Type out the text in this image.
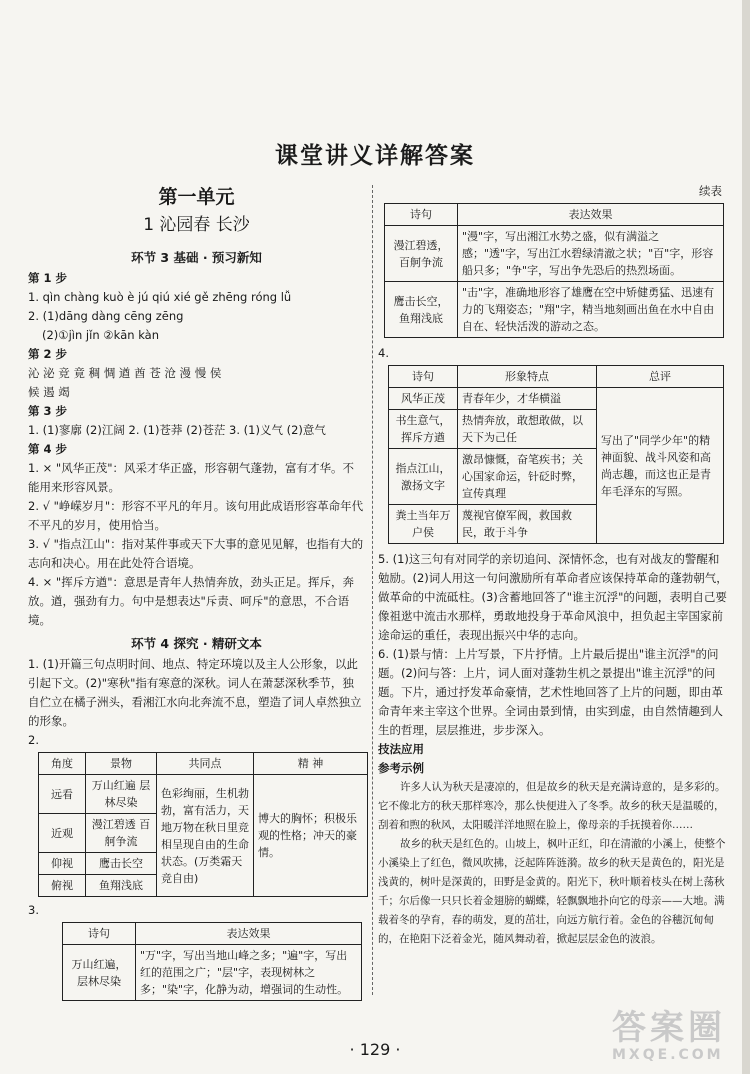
课堂讲义详解答案

第一单元

1 沁园春 长沙

环节 3 基础 · 预习新知

第 1 步

1. qìn chàng kuò è jú qiú xié gě zhēng róng lǚ

2. (1)dāng dàng cēng zēng

(2)①jìn jǐn ②kān kàn

第 2 步

沁 泌 竞 竟 稠 惆 遒 酋 苍 沧 漫 慢 侯

候 遏 竭

第 3 步

1. (1)寥廓 (2)江阔 2. (1)苍莽 (2)苍茫 3. (1)义气 (2)意气

第 4 步

1. × "风华正茂"：风采才华正盛，形容朝气蓬勃，富有才华。不能用来形容风景。

2. √ "峥嵘岁月"：形容不平凡的年月。该句用此成语形容革命年代不平凡的岁月，使用恰当。

3. √ "指点江山"：指对某件事或天下大事的意见见解，也指有大的志向和决心。用在此处符合语境。

4. × "挥斥方遒"：意思是青年人热情奔放，劲头正足。挥斥，奔放。遒，强劲有力。句中是想表达"斥责、呵斥"的意思，不合语境。

环节 4 探究 · 精研文本

1. (1)开篇三句点明时间、地点、特定环境以及主人公形象，以此引起下文。(2)"寒秋"指有寒意的深秋。词人在萧瑟深秋季节，独自伫立在橘子洲头，看湘江水向北奔流不息，塑造了词人卓然独立的形象。

2.

角度	景物	共同点	精 神
远看	万山红遍 层林尽染	色彩绚丽，生机勃勃，富有活力，天地万物在秋日里竞相呈现自由的生命状态。(万类霜天竞自由)	博大的胸怀；积极乐观的性格；冲天的豪情。
近观	漫江碧透 百舸争流		
仰视	鹰击长空		
俯视	鱼翔浅底		

3.

诗句	表达效果
万山红遍，层林尽染	"万"字，写出当地山峰之多；"遍"字，写出红的范围之广；"层"字，表现树林之多；"染"字，化静为动，增强词的生动性。

续表

诗句	表达效果
漫江碧透，百舸争流	"漫"字，写出湘江水势之盛，似有满溢之感；"透"字，写出江水碧绿清澈之状；"百"字，形容船只多；"争"字，写出争先恐后的热烈场面。
鹰击长空，鱼翔浅底	"击"字，准确地形容了雄鹰在空中矫健勇猛、迅速有力的飞翔姿态；"翔"字，精当地刻画出鱼在水中自由自在、轻快活泼的游动之态。

4.

诗句	形象特点	总评
风华正茂	青春年少，才华横溢	写出了"同学少年"的精神面貌、战斗风姿和高尚志趣，而这也正是青年毛泽东的写照。
书生意气，挥斥方遒	热情奔放，敢想敢做，以天下为己任	
指点江山，激扬文字	激昂慷慨，奋笔疾书；关心国家命运，针砭时弊，宣传真理	
粪土当年万户侯	蔑视官僚军阀，救国救民，敢于斗争	

5. (1)这三句有对同学的亲切追问、深情怀念，也有对战友的警醒和勉励。(2)词人用这一句问激励所有革命者应该保持革命的蓬勃朝气，做革命的中流砥柱。(3)含蓄地回答了"谁主沉浮"的问题，表明自己要像祖逖中流击水那样，勇敢地投身于革命风浪中，担负起主宰国家前途命运的重任，表现出振兴中华的志向。

6. (1)景与情：上片写景，下片抒情。上片最后提出"谁主沉浮"的问题。(2)问与答：上片，词人面对蓬勃生机之景提出"谁主沉浮"的问题。下片，通过抒发革命豪情，艺术性地回答了上片的问题，即由革命青年来主宰这个世界。全词由景到情，由实到虚，由自然情趣到人生的哲理，层层推进，步步深入。

技法应用

参考示例

许多人认为秋天是凄凉的，但是故乡的秋天是充满诗意的，是多彩的。它不像北方的秋天那样寒冷，那么快便进入了冬季。故乡的秋天是温暖的，刮着和煦的秋风，太阳暖洋洋地照在脸上，像母亲的手抚摸着你……

故乡的秋天是红色的。山坡上，枫叶正红，印在清澈的小溪上，使整个小溪染上了红色，微风吹拂，泛起阵阵涟漪。故乡的秋天是黄色的，阳光是浅黄的，树叶是深黄的，田野是金黄的。阳光下，秋叶顺着枝头在树上荡秋千；尔后像一只只长着金翅膀的蝴蝶，轻飘飘地扑向它的母亲——大地。满载着冬的孕育，春的萌发，夏的茁壮，向远方航行着。金色的谷穗沉甸甸的，在艳阳下泛着金光，随风舞动着，掀起层层金色的波浪。

· 129 ·
答案圈
MXQE.COM
